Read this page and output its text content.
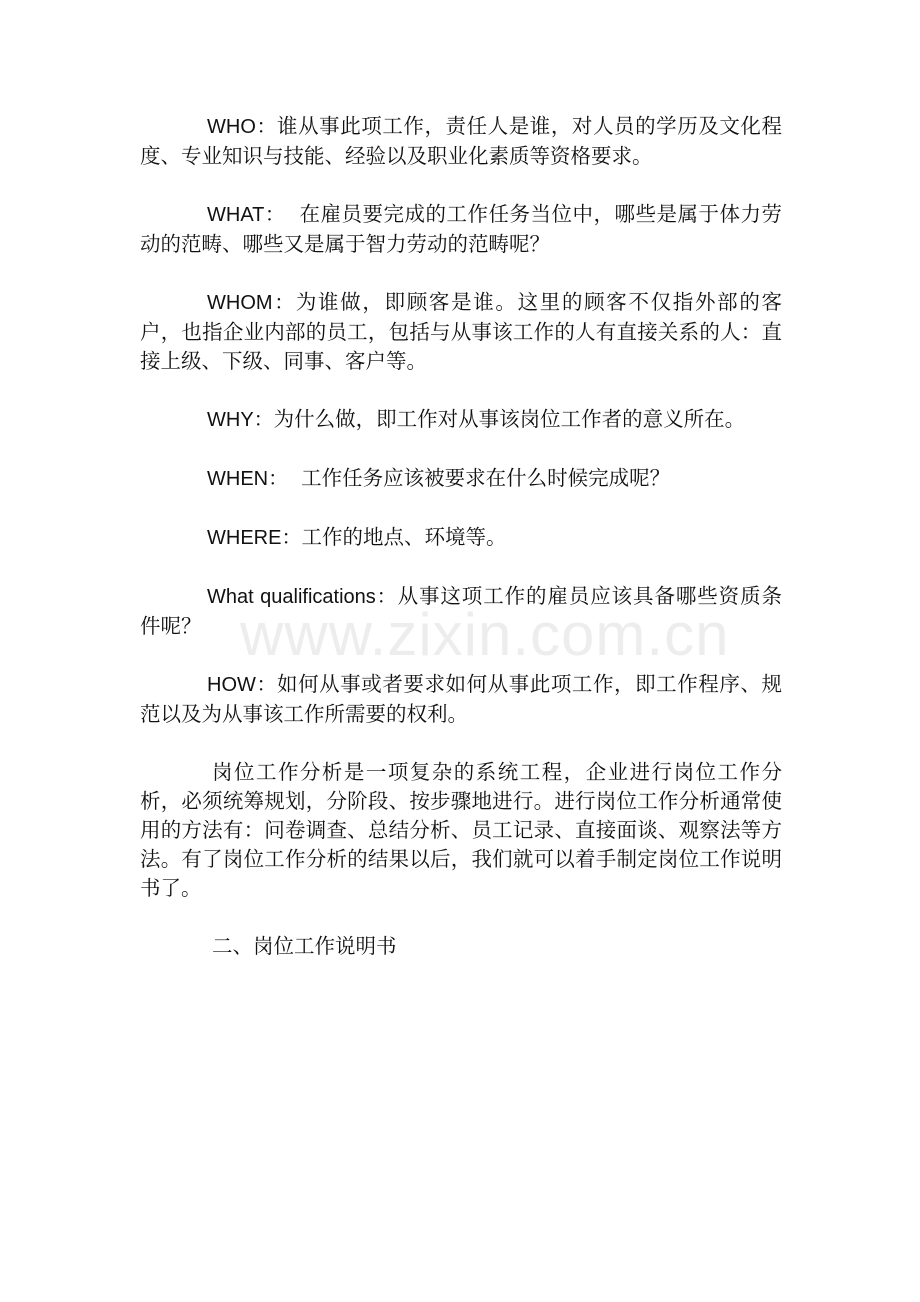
WHO：谁从事此项工作，责任人是谁，对人员的学历及文化程度、专业知识与技能、经验以及职业化素质等资格要求。

WHAT：  在雇员要完成的工作任务当位中，哪些是属于体力劳动的范畴、哪些又是属于智力劳动的范畴呢？

WHOM：为谁做，即顾客是谁。这里的顾客不仅指外部的客户，也指企业内部的员工，包括与从事该工作的人有直接关系的人：直接上级、下级、同事、客户等。

WHY：为什么做，即工作对从事该岗位工作者的意义所在。

WHEN：  工作任务应该被要求在什么时候完成呢？

WHERE：工作的地点、环境等。

What qualifications：从事这项工作的雇员应该具备哪些资质条件呢？

HOW：如何从事或者要求如何从事此项工作，即工作程序、规范以及为从事该工作所需要的权利。

岗位工作分析是一项复杂的系统工程，企业进行岗位工作分析，必须统筹规划，分阶段、按步骤地进行。进行岗位工作分析通常使用的方法有：问卷调查、总结分析、员工记录、直接面谈、观察法等方法。有了岗位工作分析的结果以后，我们就可以着手制定岗位工作说明书了。

二、岗位工作说明书

www.zixin.com.cn
